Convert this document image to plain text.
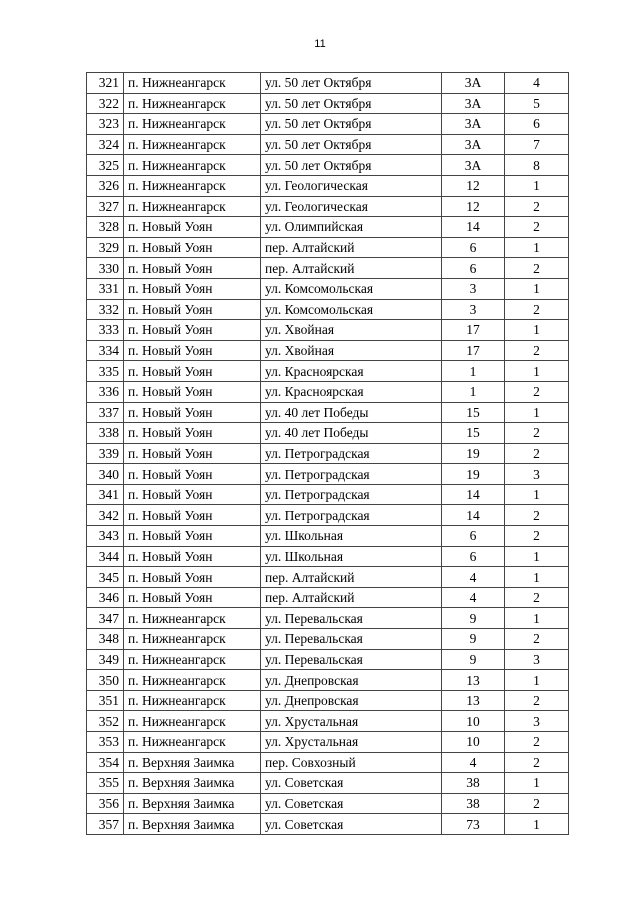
11
321	п. Нижнеангарск	ул. 50 лет Октября	3А	4
322	п. Нижнеангарск	ул. 50 лет Октября	3А	5
323	п. Нижнеангарск	ул. 50 лет Октября	3А	6
324	п. Нижнеангарск	ул. 50 лет Октября	3А	7
325	п. Нижнеангарск	ул. 50 лет Октября	3А	8
326	п. Нижнеангарск	ул. Геологическая	12	1
327	п. Нижнеангарск	ул. Геологическая	12	2
328	п. Новый Уоян	ул. Олимпийская	14	2
329	п. Новый Уоян	пер. Алтайский	6	1
330	п. Новый Уоян	пер. Алтайский	6	2
331	п. Новый Уоян	ул. Комсомольская	3	1
332	п. Новый Уоян	ул. Комсомольская	3	2
333	п. Новый Уоян	ул. Хвойная	17	1
334	п. Новый Уоян	ул. Хвойная	17	2
335	п. Новый Уоян	ул. Красноярская	1	1
336	п. Новый Уоян	ул. Красноярская	1	2
337	п. Новый Уоян	ул. 40 лет Победы	15	1
338	п. Новый Уоян	ул. 40 лет Победы	15	2
339	п. Новый Уоян	ул. Петроградская	19	2
340	п. Новый Уоян	ул. Петроградская	19	3
341	п. Новый Уоян	ул. Петроградская	14	1
342	п. Новый Уоян	ул. Петроградская	14	2
343	п. Новый Уоян	ул. Школьная	6	2
344	п. Новый Уоян	ул. Школьная	6	1
345	п. Новый Уоян	пер. Алтайский	4	1
346	п. Новый Уоян	пер. Алтайский	4	2
347	п. Нижнеангарск	ул. Перевальская	9	1
348	п. Нижнеангарск	ул. Перевальская	9	2
349	п. Нижнеангарск	ул. Перевальская	9	3
350	п. Нижнеангарск	ул. Днепровская	13	1
351	п. Нижнеангарск	ул. Днепровская	13	2
352	п. Нижнеангарск	ул. Хрустальная	10	3
353	п. Нижнеангарск	ул. Хрустальная	10	2
354	п. Верхняя Заимка	пер. Совхозный	4	2
355	п. Верхняя Заимка	ул. Советская	38	1
356	п. Верхняя Заимка	ул. Советская	38	2
357	п. Верхняя Заимка	ул. Советская	73	1
